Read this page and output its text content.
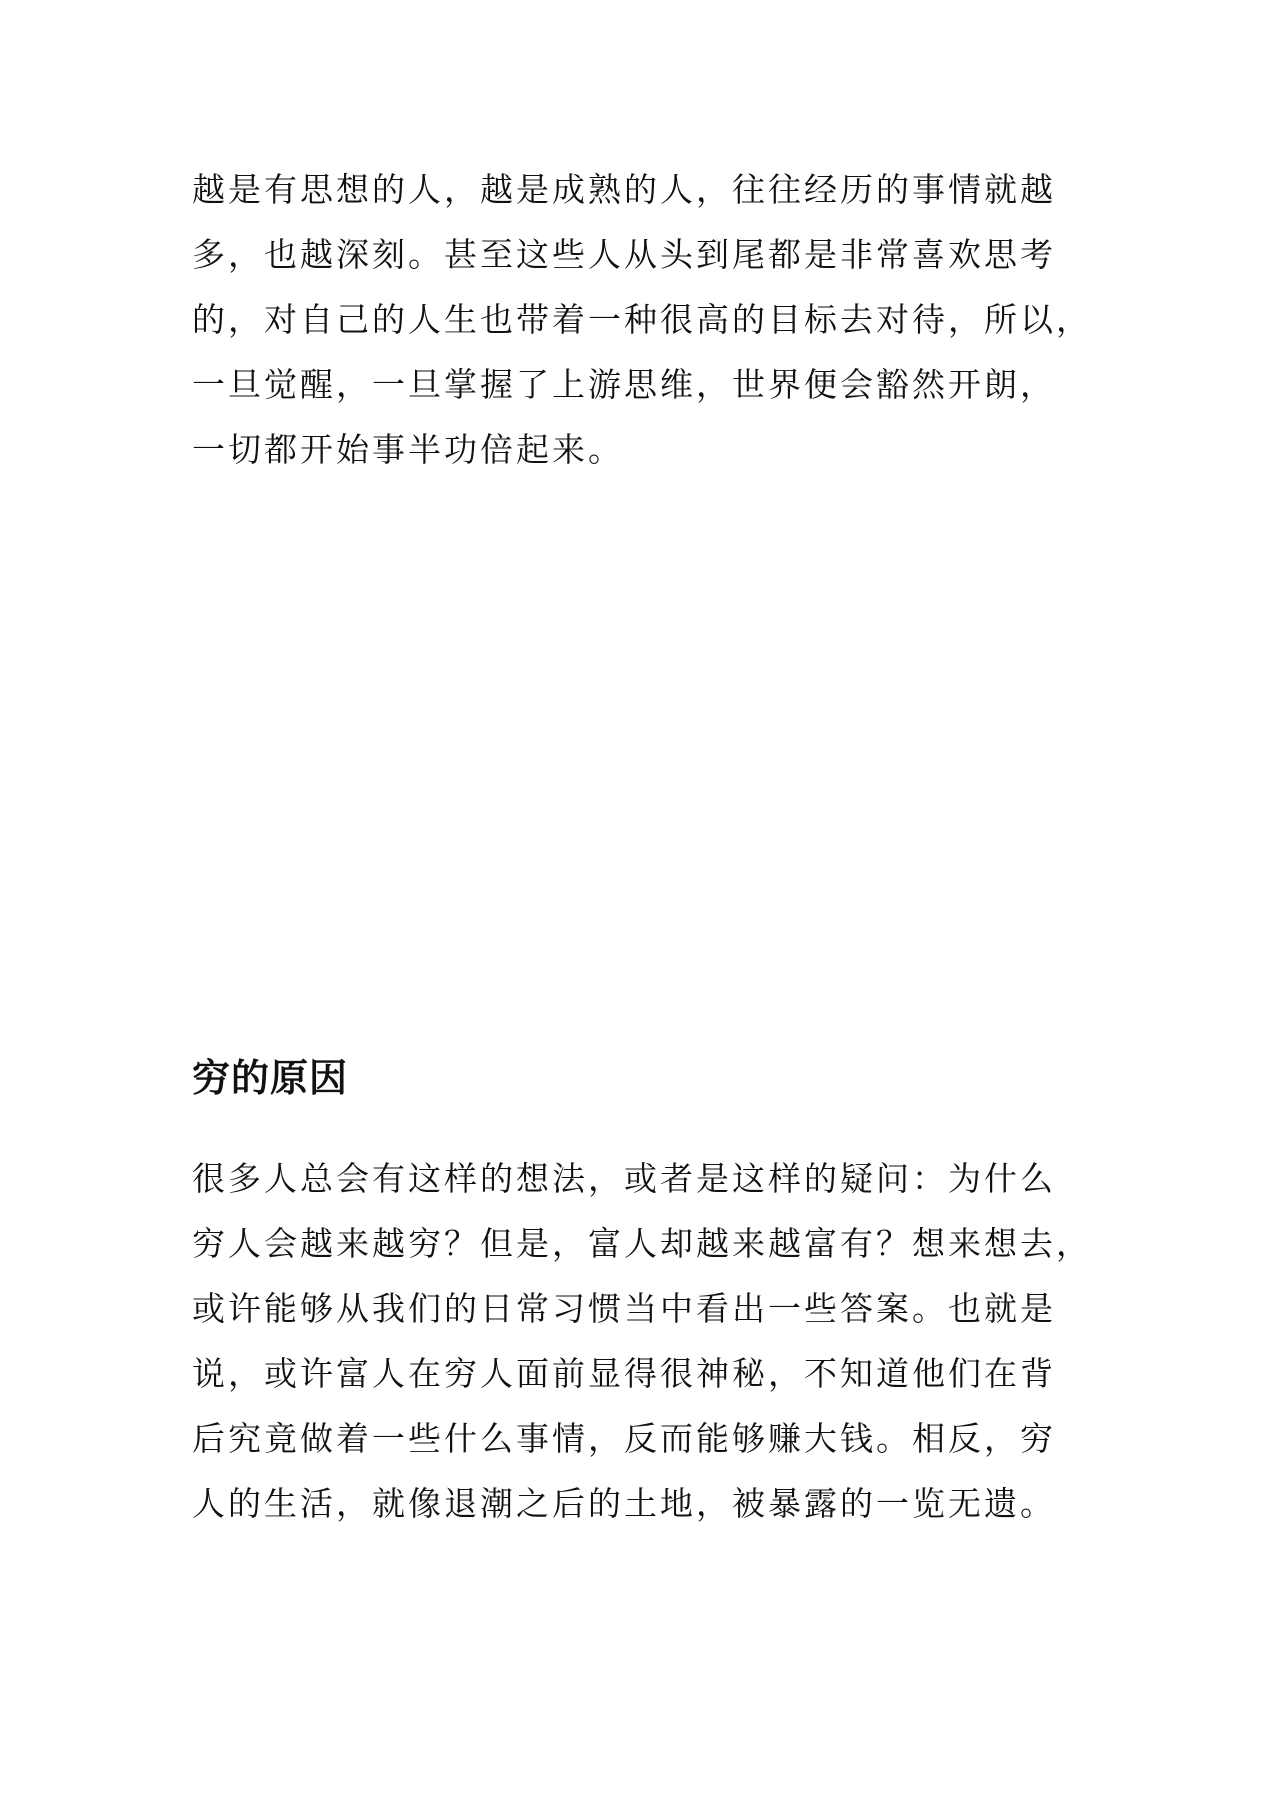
越是有思想的人，越是成熟的人，往往经历的事情就越
多，也越深刻。甚至这些人从头到尾都是非常喜欢思考
的，对自己的人生也带着一种很高的目标去对待，所以，
一旦觉醒，一旦掌握了上游思维，世界便会豁然开朗，
一切都开始事半功倍起来。
穷的原因
很多人总会有这样的想法，或者是这样的疑问：为什么
穷人会越来越穷？但是，富人却越来越富有？想来想去，
或许能够从我们的日常习惯当中看出一些答案。也就是
说，或许富人在穷人面前显得很神秘，不知道他们在背
后究竟做着一些什么事情，反而能够赚大钱。相反，穷
人的生活，就像退潮之后的土地，被暴露的一览无遗。
